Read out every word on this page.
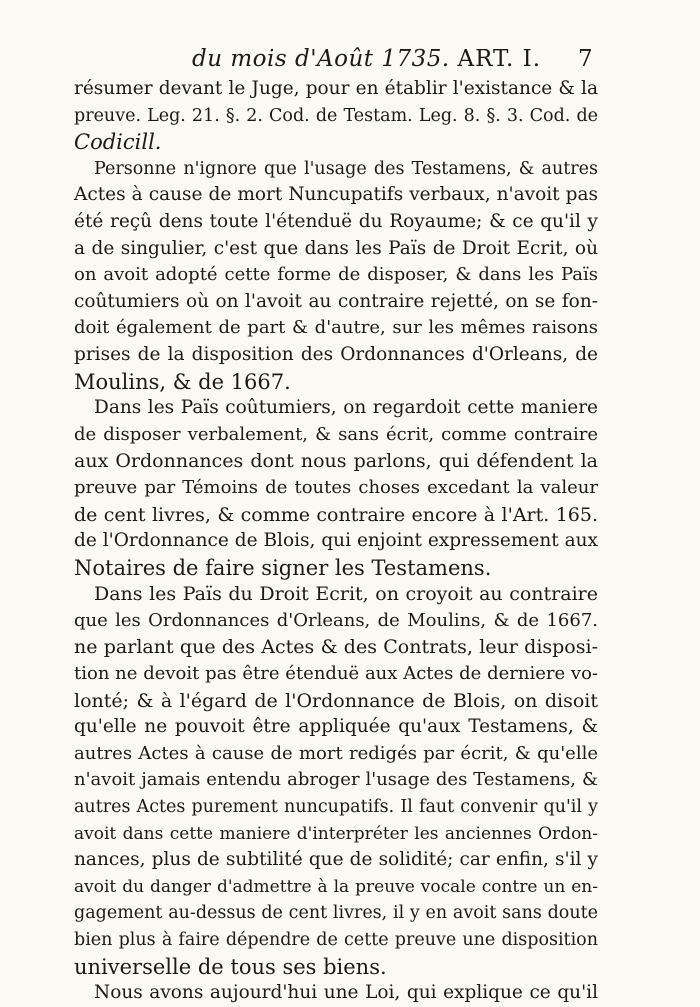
du mois d'Août 1735. ART. I. 7
résumer devant le Juge, pour en établir l'existance & la
preuve. Leg. 21. §. 2. Cod. de Testam. Leg. 8. §. 3. Cod. de
Codicill.
Personne n'ignore que l'usage des Testamens, & autres
Actes à cause de mort Nuncupatifs verbaux, n'avoit pas
été reçû dens toute l'étenduë du Royaume; & ce qu'il y
a de singulier, c'est que dans les Païs de Droit Ecrit, où
on avoit adopté cette forme de disposer, & dans les Païs
coûtumiers où on l'avoit au contraire rejetté, on se fon-
doit également de part & d'autre, sur les mêmes raisons
prises de la disposition des Ordonnances d'Orleans, de
Moulins, & de 1667.
Dans les Païs coûtumiers, on regardoit cette maniere
de disposer verbalement, & sans écrit, comme contraire
aux Ordonnances dont nous parlons, qui défendent la
preuve par Témoins de toutes choses excedant la valeur
de cent livres, & comme contraire encore à l'Art. 165.
de l'Ordonnance de Blois, qui enjoint expressement aux
Notaires de faire signer les Testamens.
Dans les Païs du Droit Ecrit, on croyoit au contraire
que les Ordonnances d'Orleans, de Moulins, & de 1667.
ne parlant que des Actes & des Contrats, leur disposi-
tion ne devoit pas être étenduë aux Actes de derniere vo-
lonté; & à l'égard de l'Ordonnance de Blois, on disoit
qu'elle ne pouvoit être appliquée qu'aux Testamens, &
autres Actes à cause de mort redigés par écrit, & qu'elle
n'avoit jamais entendu abroger l'usage des Testamens, &
autres Actes purement nuncupatifs. Il faut convenir qu'il y
avoit dans cette maniere d'interpréter les anciennes Ordon-
nances, plus de subtilité que de solidité; car enfin, s'il y
avoit du danger d'admettre à la preuve vocale contre un en-
gagement au-dessus de cent livres, il y en avoit sans doute
bien plus à faire dépendre de cette preuve une disposition
universelle de tous ses biens.
Nous avons aujourd'hui une Loi, qui explique ce qu'il
